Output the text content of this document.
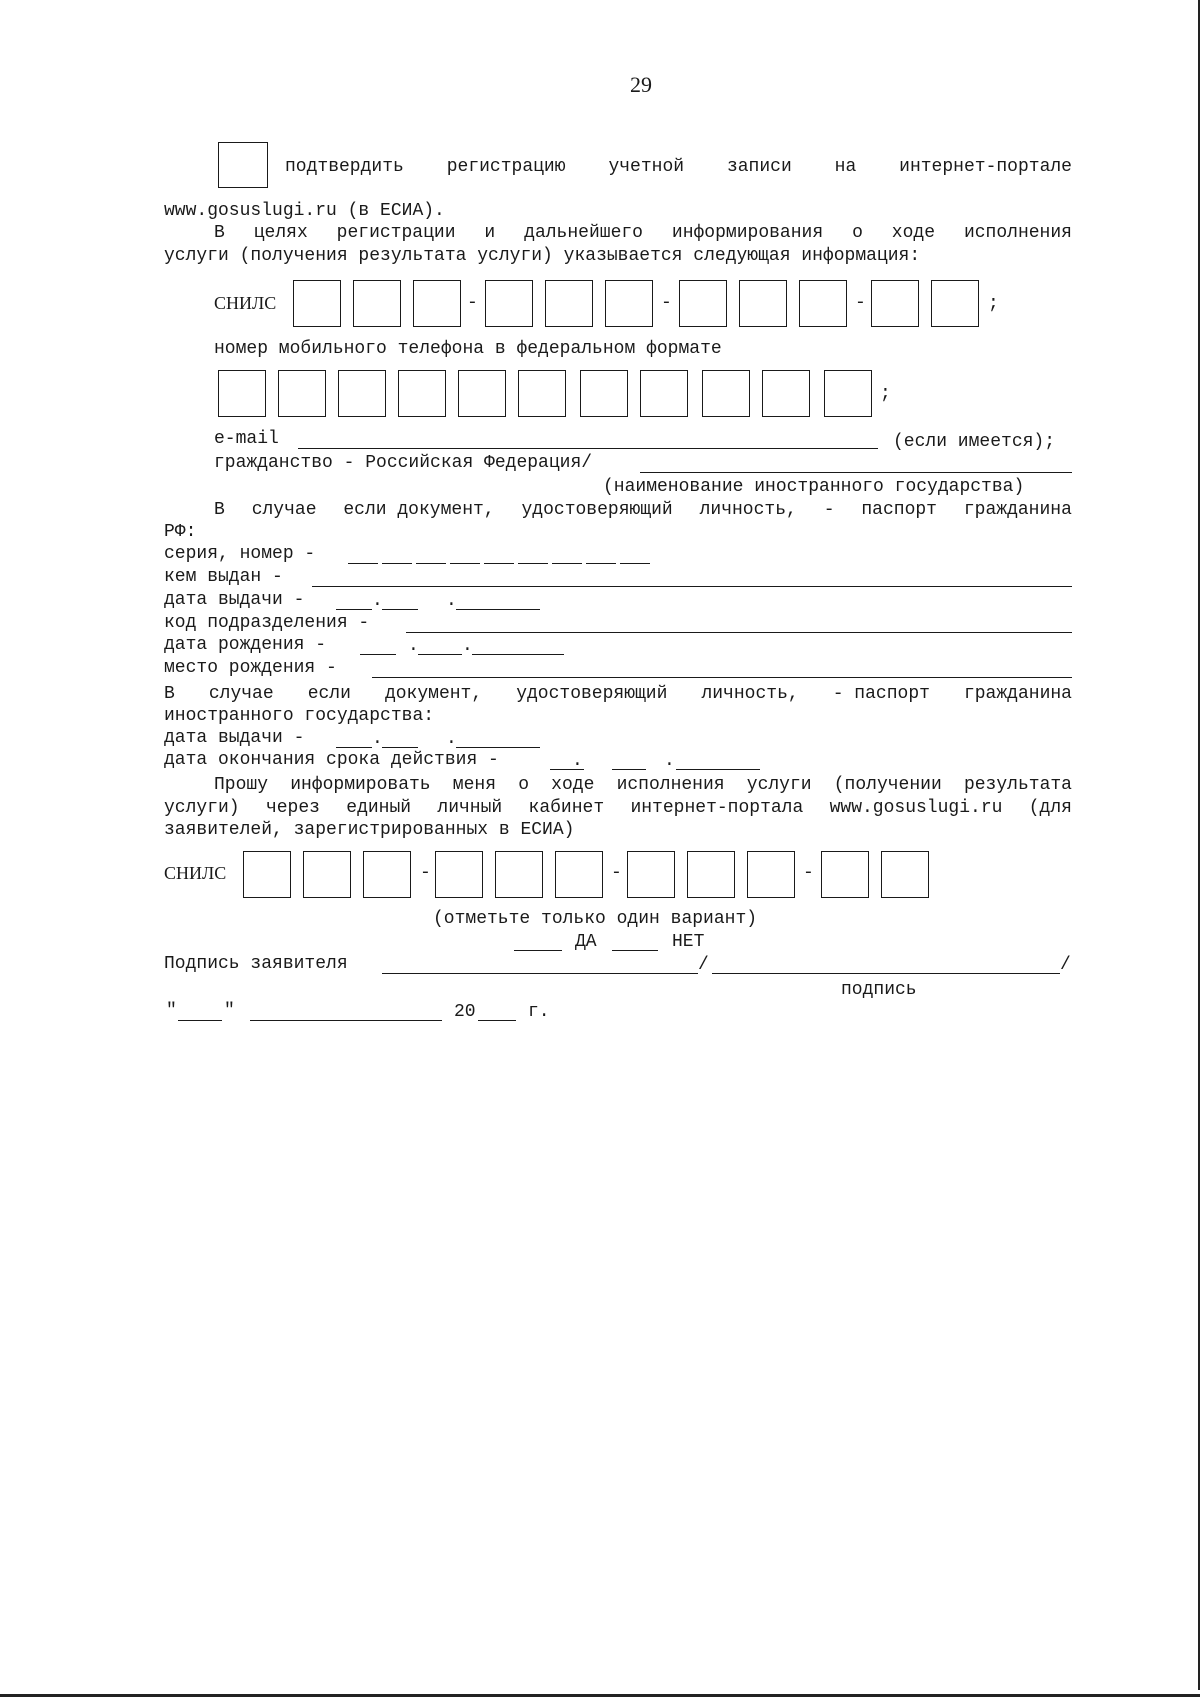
29
подтвердить регистрацию учетной записи на интернет-портале
www.gosuslugi.ru (в ЕСИА).
В целях регистрации и дальнейшего информирования о ходе исполнения
услуги (получения результата услуги) указывается следующая информация:
СНИЛС	-	-	-	;
номер мобильного телефона в федеральном формате
;
e-mail	(если имеется);
гражданство - Российская Федерация/
(наименование иностранного государства)
В случае если документ, удостоверяющий личность, - паспорт гражданина
РФ:
серия, номер -
кем выдан -
дата выдачи -	.	.
код подразделения -
дата рождения -	. .
место рождения -
В случае если документ, удостоверяющий личность, - паспорт гражданина
иностранного государства:
дата выдачи -	.	.
дата окончания срока действия -	.	.
Прошу информировать меня о ходе исполнения услуги (получении результата
услуги) через единый личный кабинет интернет-портала www.gosuslugi.ru (для
заявителей, зарегистрированных в ЕСИА)
СНИЛС	-	-	-
(отметьте только один вариант)
ДА	НЕТ
Подпись заявителя	/	/
подпись
"	"	20	г.
